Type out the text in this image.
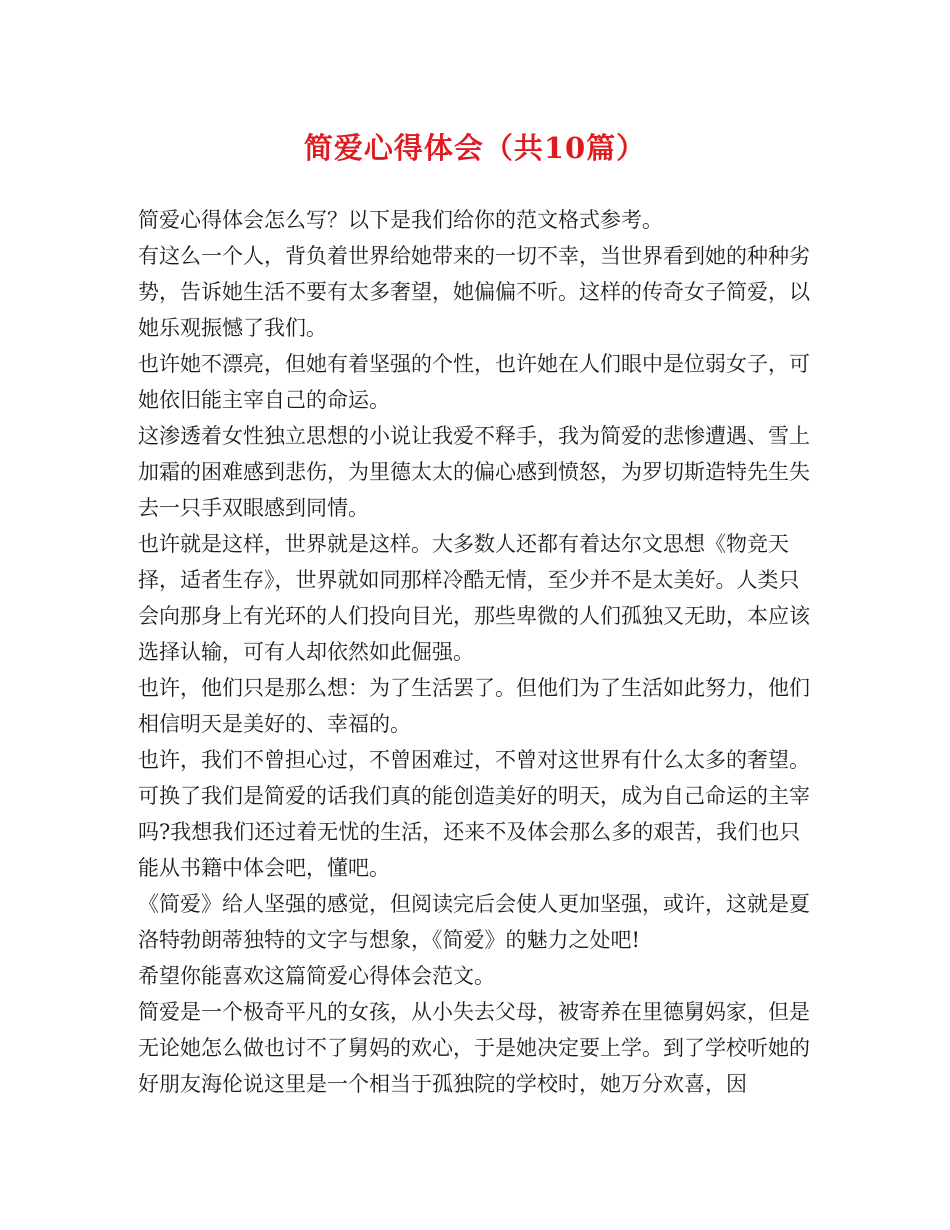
简爱心得体会（共10篇）

简爱心得体会怎么写？以下是我们给你的范文格式参考。

有这么一个人，背负着世界给她带来的一切不幸，当世界看到她的种种劣势，告诉她生活不要有太多奢望，她偏偏不听。这样的传奇女子简爱，以她乐观振憾了我们。

也许她不漂亮，但她有着坚强的个性，也许她在人们眼中是位弱女子，可她依旧能主宰自己的命运。

这渗透着女性独立思想的小说让我爱不释手，我为简爱的悲惨遭遇、雪上加霜的困难感到悲伤，为里德太太的偏心感到愤怒，为罗切斯造特先生失去一只手双眼感到同情。

也许就是这样，世界就是这样。大多数人还都有着达尔文思想《物竞天择，适者生存》，世界就如同那样冷酷无情，至少并不是太美好。人类只会向那身上有光环的人们投向目光，那些卑微的人们孤独又无助，本应该选择认输，可有人却依然如此倔强。

也许，他们只是那么想：为了生活罢了。但他们为了生活如此努力，他们相信明天是美好的、幸福的。

也许，我们不曾担心过，不曾困难过，不曾对这世界有什么太多的奢望。可换了我们是简爱的话我们真的能创造美好的明天，成为自己命运的主宰吗?我想我们还过着无忧的生活，还来不及体会那么多的艰苦，我们也只能从书籍中体会吧，懂吧。

《简爱》给人坚强的感觉，但阅读完后会使人更加坚强，或许，这就是夏洛特勃朗蒂独特的文字与想象，《简爱》的魅力之处吧!

希望你能喜欢这篇简爱心得体会范文。

简爱是一个极奇平凡的女孩，从小失去父母，被寄养在里德舅妈家，但是无论她怎么做也讨不了舅妈的欢心，于是她决定要上学。到了学校听她的好朋友海伦说这里是一个相当于孤独院的学校时，她万分欢喜，因
